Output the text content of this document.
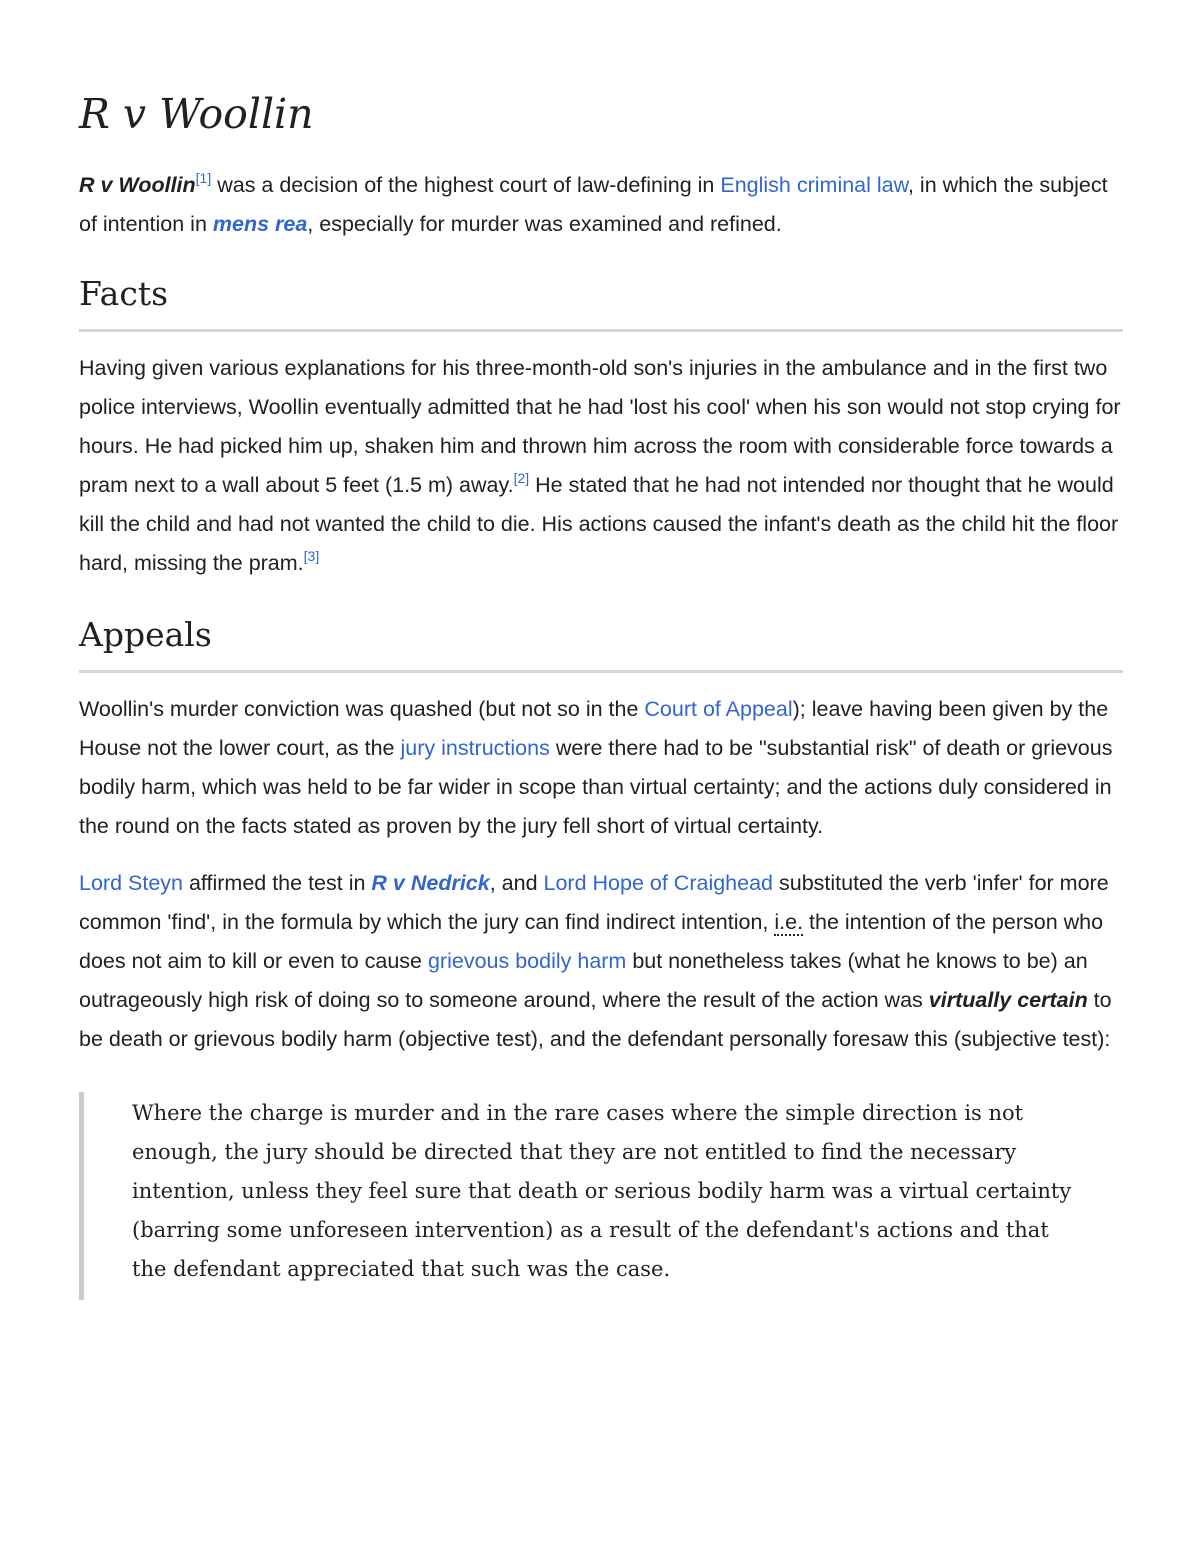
R v Woollin

R v Woollin[1] was a decision of the highest court of law-defining in English criminal law, in which the subject of intention in mens rea, especially for murder was examined and refined.

Facts

Having given various explanations for his three-month-old son's injuries in the ambulance and in the first two police interviews, Woollin eventually admitted that he had 'lost his cool' when his son would not stop crying for hours. He had picked him up, shaken him and thrown him across the room with considerable force towards a pram next to a wall about 5 feet (1.5 m) away.[2] He stated that he had not intended nor thought that he would kill the child and had not wanted the child to die. His actions caused the infant's death as the child hit the floor hard, missing the pram.[3]

Appeals

Woollin's murder conviction was quashed (but not so in the Court of Appeal); leave having been given by the House not the lower court, as the jury instructions were there had to be "substantial risk" of death or grievous bodily harm, which was held to be far wider in scope than virtual certainty; and the actions duly considered in the round on the facts stated as proven by the jury fell short of virtual certainty.

Lord Steyn affirmed the test in R v Nedrick, and Lord Hope of Craighead substituted the verb 'infer' for more common 'find', in the formula by which the jury can find indirect intention, i.e. the intention of the person who does not aim to kill or even to cause grievous bodily harm but nonetheless takes (what he knows to be) an outrageously high risk of doing so to someone around, where the result of the action was virtually certain to be death or grievous bodily harm (objective test), and the defendant personally foresaw this (subjective test):

Where the charge is murder and in the rare cases where the simple direction is not enough, the jury should be directed that they are not entitled to find the necessary intention, unless they feel sure that death or serious bodily harm was a virtual certainty (barring some unforeseen intervention) as a result of the defendant's actions and that the defendant appreciated that such was the case.
